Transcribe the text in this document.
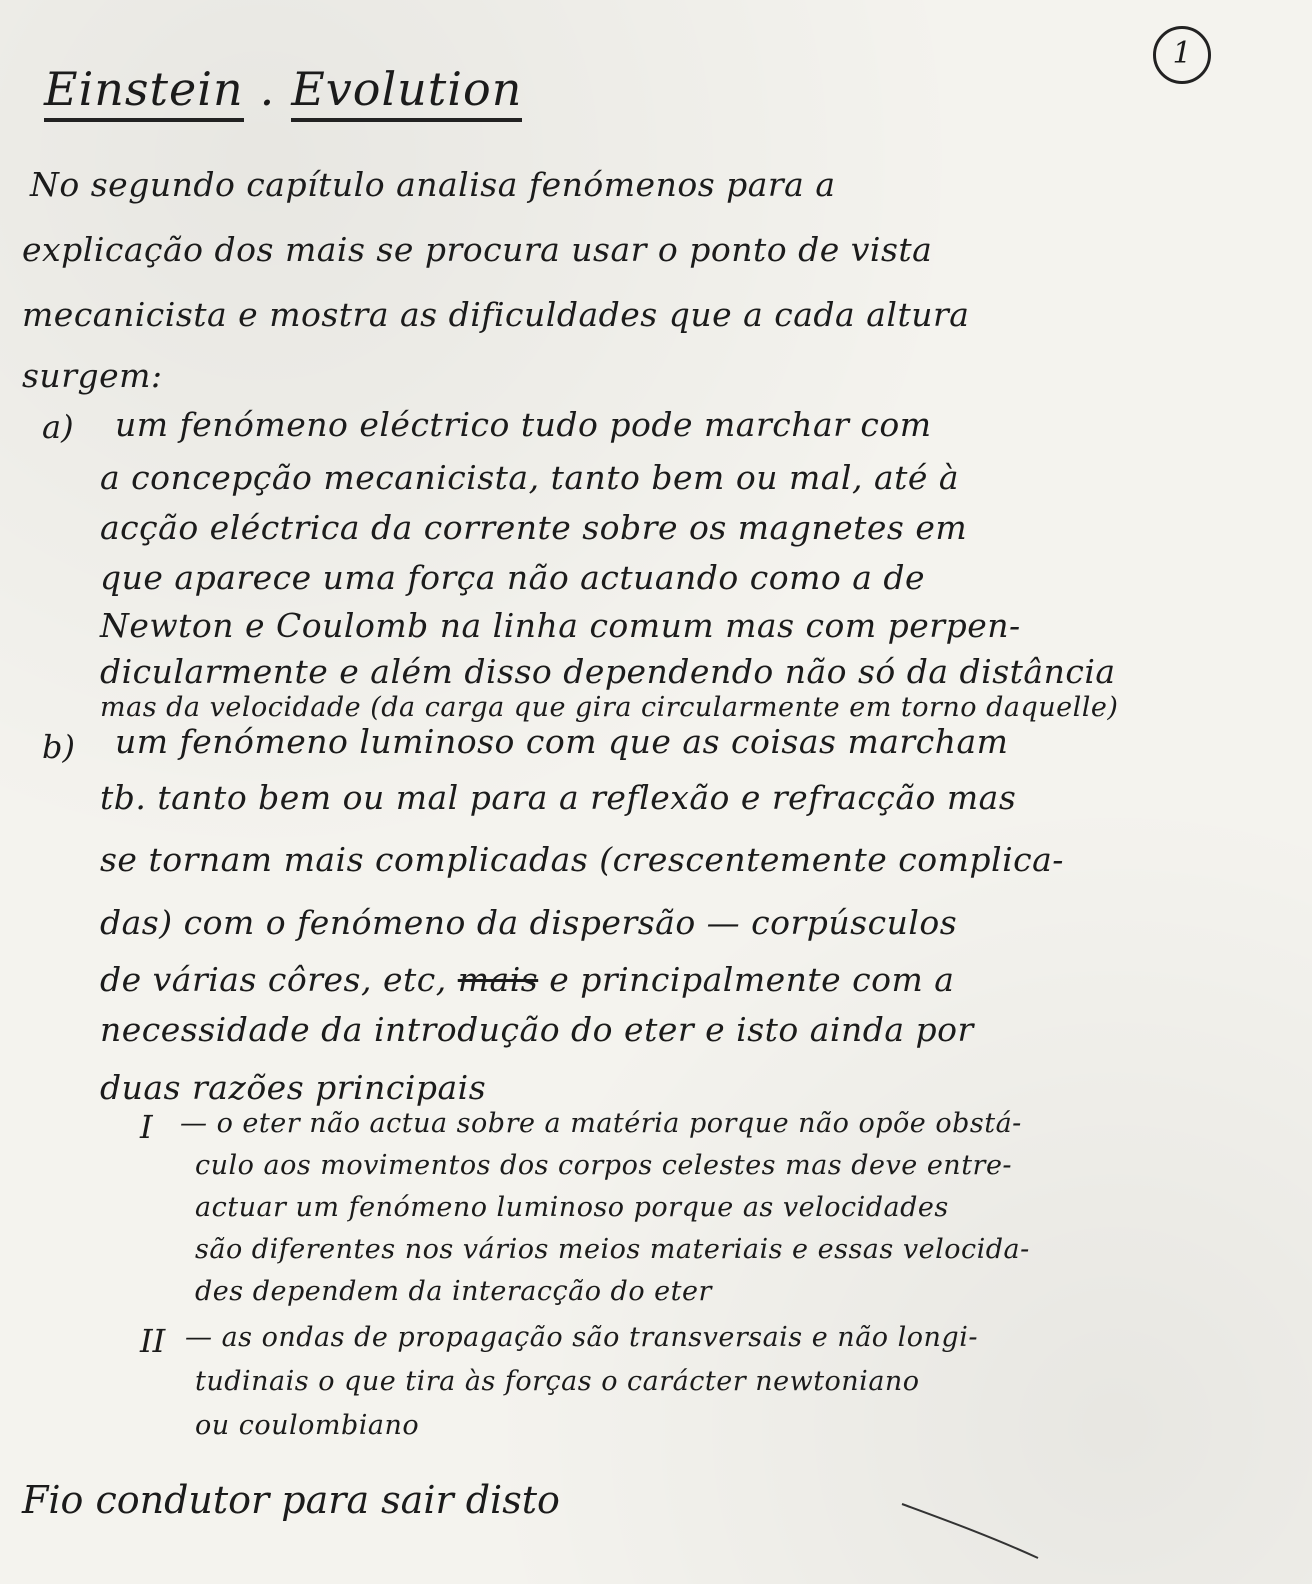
1
Einstein . Evolution
No segundo capítulo analisa fenómenos para a
explicação dos mais se procura usar o ponto de vista
mecanicista e mostra as dificuldades que a cada altura
surgem:
a) um fenómeno eléctrico tudo pode marchar com
a concepção mecanicista, tanto bem ou mal, até à
acção eléctrica da corrente sobre os magnetes em
que aparece uma força não actuando como a de
Newton e Coulomb na linha comum mas com perpen-
dicularmente e além disso dependendo não só da distância
mas da velocidade (da carga que gira circularmente em torno daquelle)
b) um fenómeno luminoso com que as coisas marcham
tb. tanto bem ou mal para a reflexão e refracção mas
se tornam mais complicadas (crescentemente complica-
das) com o fenómeno da dispersão — corpúsculos
de várias côres, etc, mais e principalmente com a
necessidade da introdução do eter e isto ainda por
duas razões principais
I — o eter não actua sobre a matéria porque não opõe obstá-
culo aos movimentos dos corpos celestes mas deve entre-
actuar um fenómeno luminoso porque as velocidades
são diferentes nos vários meios materiais e essas velocida-
des dependem da interacção do eter
II — as ondas de propagação são transversais e não longi-
tudinais o que tira às forças o carácter newtoniano
ou coulombiano
Fio condutor para sair disto
